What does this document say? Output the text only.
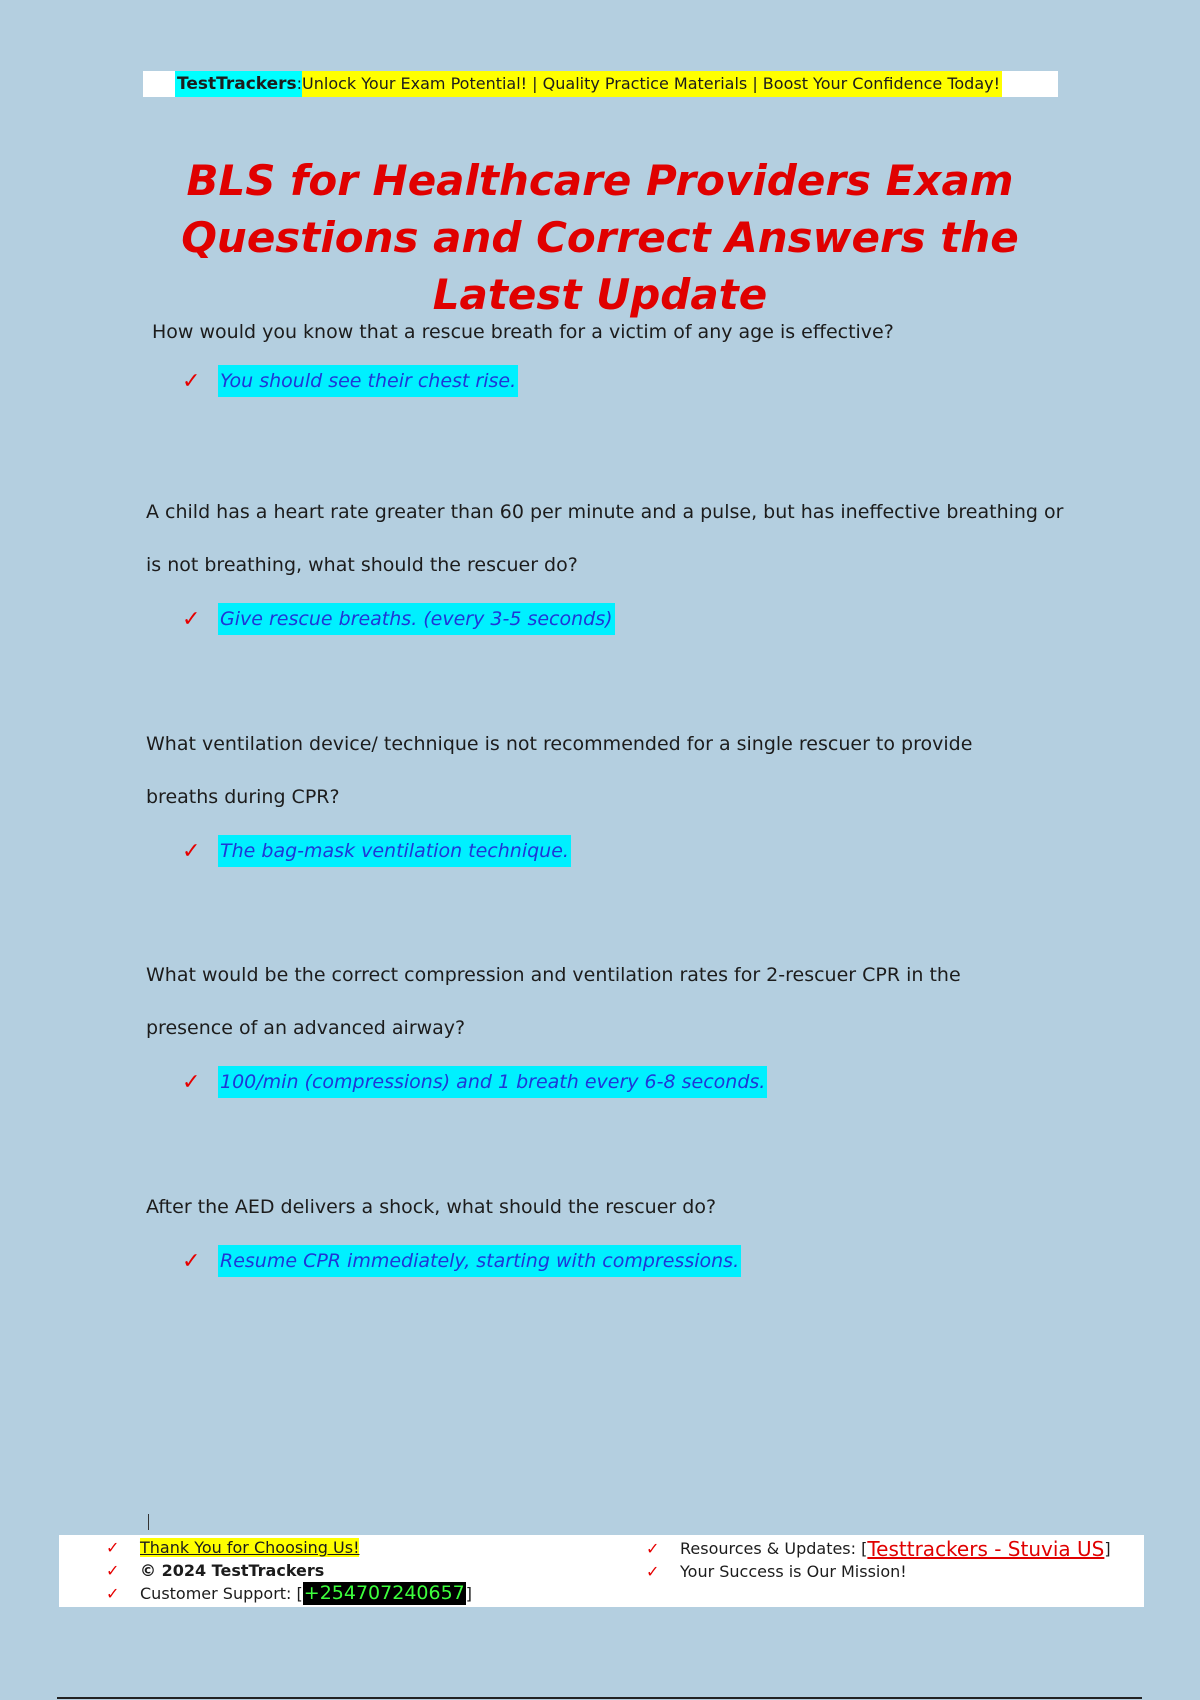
TestTrackers : Unlock Your Exam Potential! | Quality Practice Materials | Boost Your Confidence Today!
BLS for Healthcare Providers Exam Questions and Correct Answers the Latest Update

How would you know that a rescue breath for a victim of any age is effective?

✓	You should see their chest rise.

A child has a heart rate greater than 60 per minute and a pulse, but has ineffective breathing or is not breathing, what should the rescuer do?

✓	Give rescue breaths. (every 3-5 seconds)

What ventilation device/ technique is not recommended for a single rescuer to provide breaths during CPR?

✓	The bag-mask ventilation technique.

What would be the correct compression and ventilation rates for 2-rescuer CPR in the presence of an advanced airway?

✓	100/min (compressions) and 1 breath every 6-8 seconds.

After the AED delivers a shock, what should the rescuer do?

✓	Resume CPR immediately, starting with compressions.
✓	Thank You for Choosing Us!
✓	© 2024 TestTrackers
✓	Customer Support: [ +254707240657 ]
✓	Resources & Updates: [ Testtrackers - Stuvia US ]
✓	Your Success is Our Mission!
